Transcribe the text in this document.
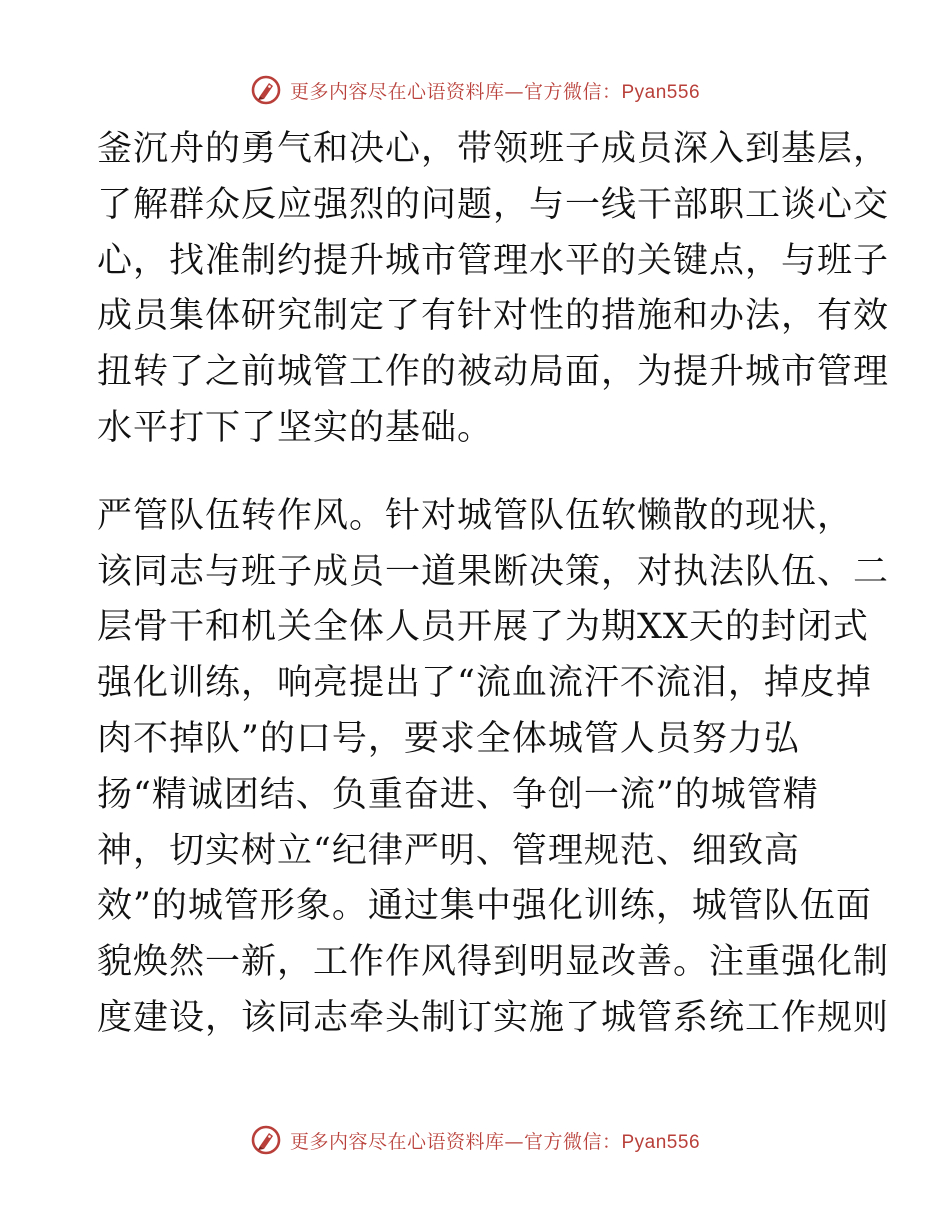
更多内容尽在心语资料库—官方微信：Pyan556
釜沉舟的勇气和决心，带领班子成员深入到基层，
了解群众反应强烈的问题，与一线干部职工谈心交
心，找准制约提升城市管理水平的关键点，与班子
成员集体研究制定了有针对性的措施和办法，有效
扭转了之前城管工作的被动局面，为提升城市管理
水平打下了坚实的基础。
严管队伍转作风。针对城管队伍软懒散的现状，
该同志与班子成员一道果断决策，对执法队伍、二
层骨干和机关全体人员开展了为期XX天的封闭式
强化训练，响亮提出了“流血流汗不流泪，掉皮掉
肉不掉队”的口号，要求全体城管人员努力弘
扬“精诚团结、负重奋进、争创一流”的城管精
神，切实树立“纪律严明、管理规范、细致高
效”的城管形象。通过集中强化训练，城管队伍面
貌焕然一新，工作作风得到明显改善。注重强化制
度建设，该同志牵头制订实施了城管系统工作规则
更多内容尽在心语资料库—官方微信：Pyan556
